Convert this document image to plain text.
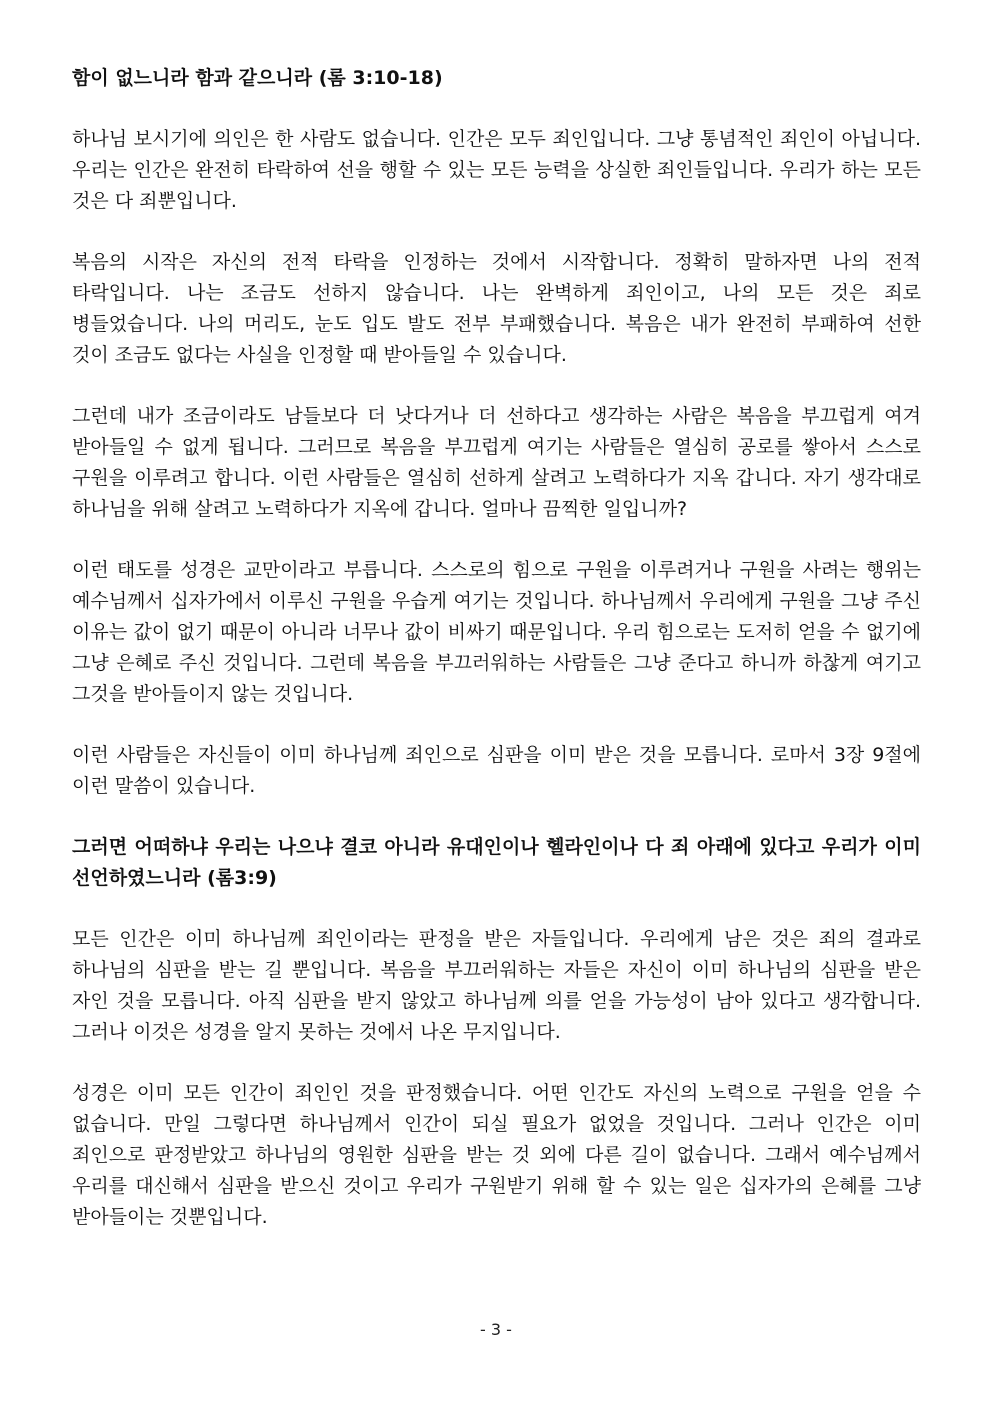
함이 없느니라 함과 같으니라 (롬 3:10-18)

하나님 보시기에 의인은 한 사람도 없습니다. 인간은 모두 죄인입니다. 그냥 통념적인 죄인이 아닙니다. 우리는 인간은 완전히 타락하여 선을 행할 수 있는 모든 능력을 상실한 죄인들입니다. 우리가 하는 모든 것은 다 죄뿐입니다.

복음의 시작은 자신의 전적 타락을 인정하는 것에서 시작합니다. 정확히 말하자면 나의 전적 타락입니다. 나는 조금도 선하지 않습니다. 나는 완벽하게 죄인이고, 나의 모든 것은 죄로 병들었습니다. 나의 머리도, 눈도 입도 발도 전부 부패했습니다. 복음은 내가 완전히 부패하여 선한 것이 조금도 없다는 사실을 인정할 때 받아들일 수 있습니다.

그런데 내가 조금이라도 남들보다 더 낫다거나 더 선하다고 생각하는 사람은 복음을 부끄럽게 여겨 받아들일 수 없게 됩니다. 그러므로 복음을 부끄럽게 여기는 사람들은 열심히 공로를 쌓아서 스스로 구원을 이루려고 합니다. 이런 사람들은 열심히 선하게 살려고 노력하다가 지옥 갑니다. 자기 생각대로 하나님을 위해 살려고 노력하다가 지옥에 갑니다. 얼마나 끔찍한 일입니까?

이런 태도를 성경은 교만이라고 부릅니다. 스스로의 힘으로 구원을 이루려거나 구원을 사려는 행위는 예수님께서 십자가에서 이루신 구원을 우습게 여기는 것입니다. 하나님께서 우리에게 구원을 그냥 주신 이유는 값이 없기 때문이 아니라 너무나 값이 비싸기 때문입니다. 우리 힘으로는 도저히 얻을 수 없기에 그냥 은혜로 주신 것입니다. 그런데 복음을 부끄러워하는 사람들은 그냥 준다고 하니까 하찮게 여기고 그것을 받아들이지 않는 것입니다.

이런 사람들은 자신들이 이미 하나님께 죄인으로 심판을 이미 받은 것을 모릅니다. 로마서 3장 9절에 이런 말씀이 있습니다.

그러면 어떠하냐 우리는 나으냐 결코 아니라 유대인이나 헬라인이나 다 죄 아래에 있다고 우리가 이미 선언하였느니라 (롬3:9)

모든 인간은 이미 하나님께 죄인이라는 판정을 받은 자들입니다. 우리에게 남은 것은 죄의 결과로 하나님의 심판을 받는 길 뿐입니다. 복음을 부끄러워하는 자들은 자신이 이미 하나님의 심판을 받은 자인 것을 모릅니다. 아직 심판을 받지 않았고 하나님께 의를 얻을 가능성이 남아 있다고 생각합니다. 그러나 이것은 성경을 알지 못하는 것에서 나온 무지입니다.

성경은 이미 모든 인간이 죄인인 것을 판정했습니다. 어떤 인간도 자신의 노력으로 구원을 얻을 수 없습니다. 만일 그렇다면 하나님께서 인간이 되실 필요가 없었을 것입니다. 그러나 인간은 이미 죄인으로 판정받았고 하나님의 영원한 심판을 받는 것 외에 다른 길이 없습니다. 그래서 예수님께서 우리를 대신해서 심판을 받으신 것이고 우리가 구원받기 위해 할 수 있는 일은 십자가의 은혜를 그냥 받아들이는 것뿐입니다.

- 3 -
